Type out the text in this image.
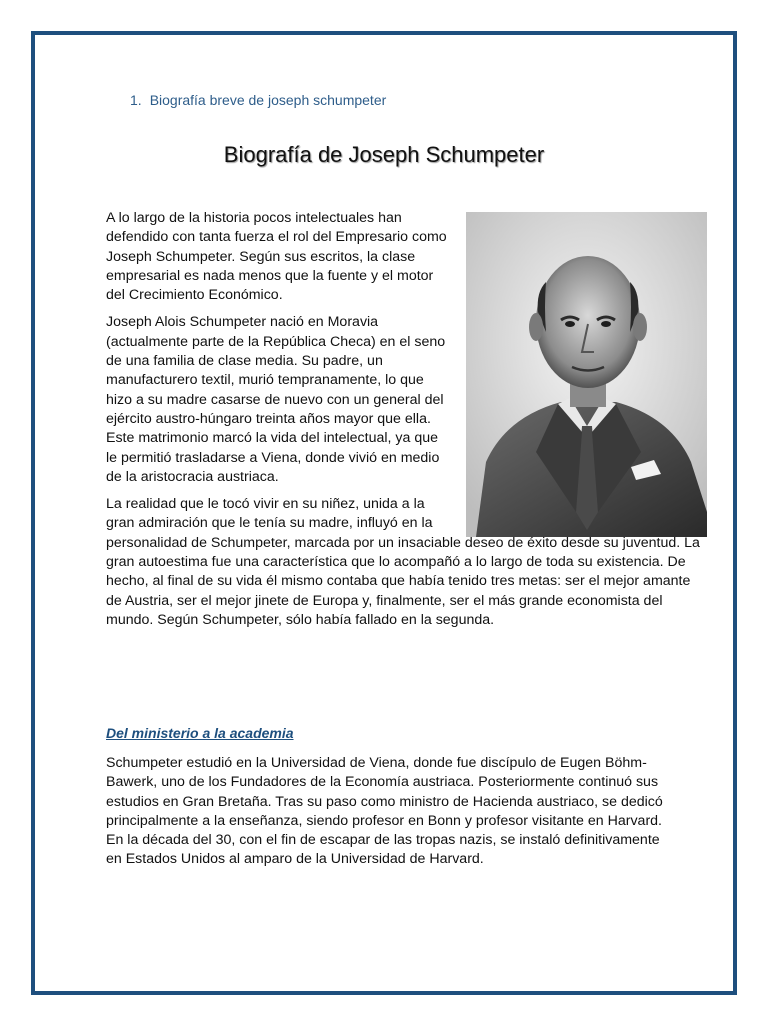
1. Biografía breve de joseph schumpeter
Biografía de Joseph Schumpeter

A lo largo de la historia pocos intelectuales han defendido con tanta fuerza el rol del Empresario como Joseph Schumpeter. Según sus escritos, la clase empresarial es nada menos que la fuente y el motor del Crecimiento Económico.

Joseph Alois Schumpeter nació en Moravia (actualmente parte de la República Checa) en el seno de una familia de clase media. Su padre, un manufacturero textil, murió tempranamente, lo que hizo a su madre casarse de nuevo con un general del ejército austro-húngaro treinta años mayor que ella. Este matrimonio marcó la vida del intelectual, ya que le permitió trasladarse a Viena, donde vivió en medio de la aristocracia austriaca.

La realidad que le tocó vivir en su niñez, unida a la gran admiración que le tenía su madre, influyó en la personalidad de Schumpeter, marcada por un insaciable deseo de éxito desde su juventud. La gran autoestima fue una característica que lo acompañó a lo largo de toda su existencia. De hecho, al final de su vida él mismo contaba que había tenido tres metas: ser el mejor amante de Austria, ser el mejor jinete de Europa y, finalmente, ser el más grande economista del mundo. Según Schumpeter, sólo había fallado en la segunda.

Del ministerio a la academia

Schumpeter estudió en la Universidad de Viena, donde fue discípulo de Eugen Böhm-Bawerk, uno de los Fundadores de la Economía austriaca. Posteriormente continuó sus estudios en Gran Bretaña. Tras su paso como ministro de Hacienda austriaco, se dedicó principalmente a la enseñanza, siendo profesor en Bonn y profesor visitante en Harvard. En la década del 30, con el fin de escapar de las tropas nazis, se instaló definitivamente en Estados Unidos al amparo de la Universidad de Harvard.
